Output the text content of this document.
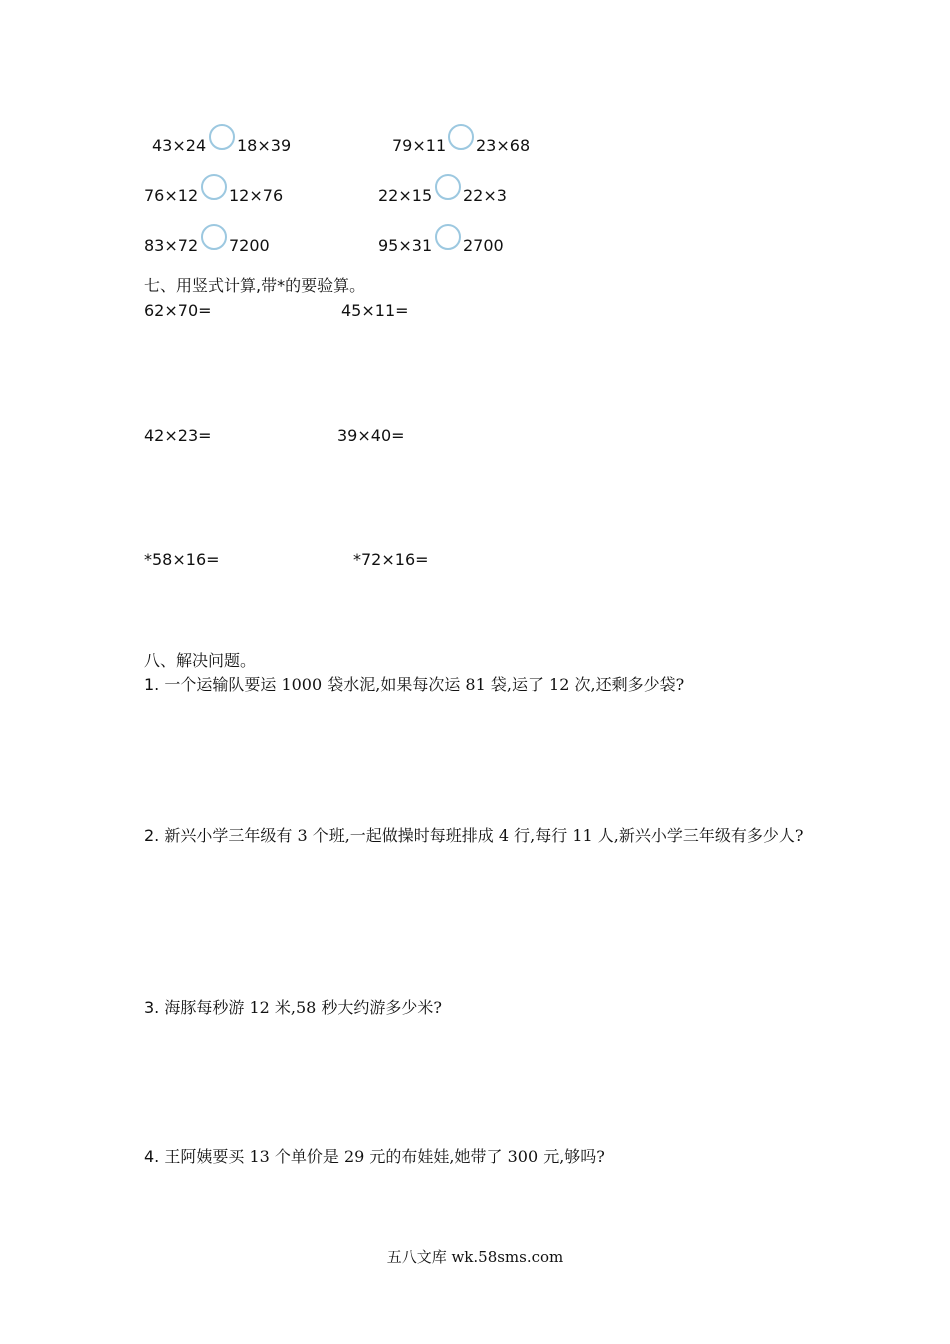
43×24 18×39	79×11 23×68
76×12 12×76	22×15 22×3
83×72 7200	95×31 2700
七、用竖式计算,带*的要验算。
62×70=	45×11=
42×23=	39×40=
*58×16=	*72×16=
八、解决问题。
1. 一个运输队要运 1000 袋水泥,如果每次运 81 袋,运了 12 次,还剩多少袋?
2. 新兴小学三年级有 3 个班,一起做操时每班排成 4 行,每行 11 人,新兴小学三年级有多少人?
3. 海豚每秒游 12 米,58 秒大约游多少米?
4. 王阿姨要买 13 个单价是 29 元的布娃娃,她带了 300 元,够吗?
五八文库 wk.58sms.com
